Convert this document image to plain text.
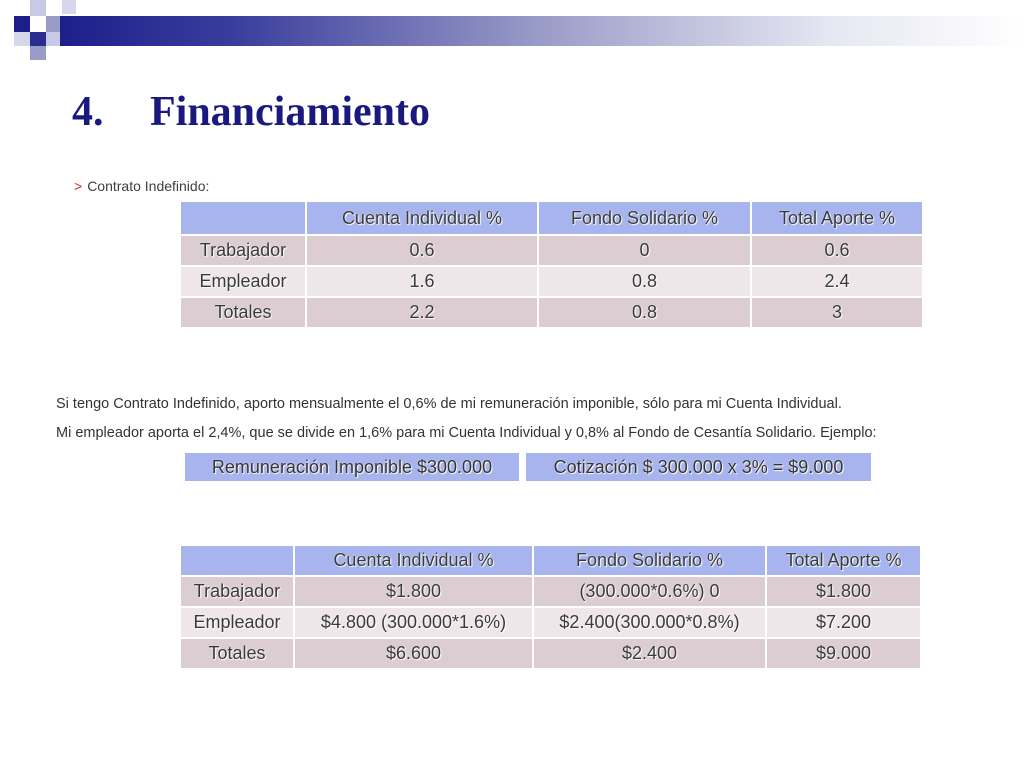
4. Financiamiento
> Contrato Indefinido:
	Cuenta Individual %	Fondo Solidario %	Total Aporte %
Trabajador	0.6	0	0.6
Empleador	1.6	0.8	2.4
Totales	2.2	0.8	3
Si tengo Contrato Indefinido, aporto mensualmente el 0,6% de mi remuneración imponible, sólo para mi Cuenta Individual.
Mi empleador aporta el 2,4%, que se divide en 1,6% para mi Cuenta Individual y 0,8% al Fondo de Cesantía Solidario. Ejemplo:
Remuneración Imponible $300.000	Cotización $ 300.000 x 3% = $9.000
	Cuenta Individual %	Fondo Solidario %	Total Aporte %
Trabajador	$1.800	(300.000*0.6%) 0	$1.800
Empleador	$4.800 (300.000*1.6%)	$2.400(300.000*0.8%)	$7.200
Totales	$6.600	$2.400	$9.000
